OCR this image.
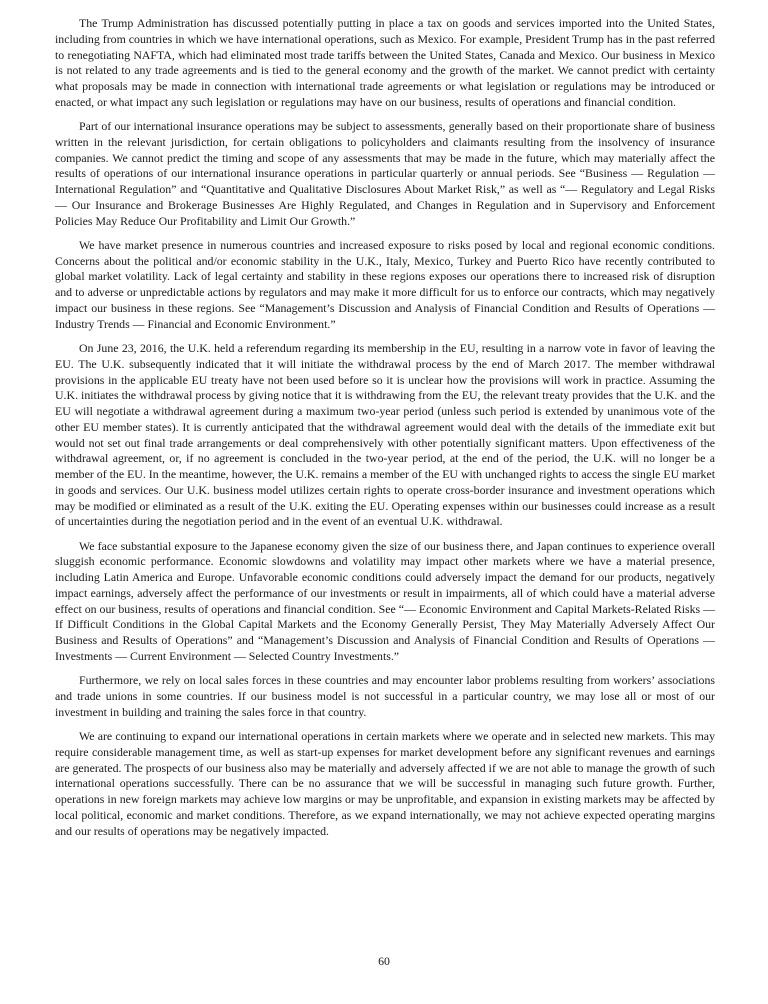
The Trump Administration has discussed potentially putting in place a tax on goods and services imported into the United States, including from countries in which we have international operations, such as Mexico. For example, President Trump has in the past referred to renegotiating NAFTA, which had eliminated most trade tariffs between the United States, Canada and Mexico. Our business in Mexico is not related to any trade agreements and is tied to the general economy and the growth of the market. We cannot predict with certainty what proposals may be made in connection with international trade agreements or what legislation or regulations may be introduced or enacted, or what impact any such legislation or regulations may have on our business, results of operations and financial condition.

Part of our international insurance operations may be subject to assessments, generally based on their proportionate share of business written in the relevant jurisdiction, for certain obligations to policyholders and claimants resulting from the insolvency of insurance companies. We cannot predict the timing and scope of any assessments that may be made in the future, which may materially affect the results of operations of our international insurance operations in particular quarterly or annual periods. See “Business — Regulation — International Regulation” and “Quantitative and Qualitative Disclosures About Market Risk,” as well as “— Regulatory and Legal Risks — Our Insurance and Brokerage Businesses Are Highly Regulated, and Changes in Regulation and in Supervisory and Enforcement Policies May Reduce Our Profitability and Limit Our Growth.”

We have market presence in numerous countries and increased exposure to risks posed by local and regional economic conditions. Concerns about the political and/or economic stability in the U.K., Italy, Mexico, Turkey and Puerto Rico have recently contributed to global market volatility. Lack of legal certainty and stability in these regions exposes our operations there to increased risk of disruption and to adverse or unpredictable actions by regulators and may make it more difficult for us to enforce our contracts, which may negatively impact our business in these regions. See “Management’s Discussion and Analysis of Financial Condition and Results of Operations — Industry Trends — Financial and Economic Environment.”

On June 23, 2016, the U.K. held a referendum regarding its membership in the EU, resulting in a narrow vote in favor of leaving the EU. The U.K. subsequently indicated that it will initiate the withdrawal process by the end of March 2017. The member withdrawal provisions in the applicable EU treaty have not been used before so it is unclear how the provisions will work in practice. Assuming the U.K. initiates the withdrawal process by giving notice that it is withdrawing from the EU, the relevant treaty provides that the U.K. and the EU will negotiate a withdrawal agreement during a maximum two-year period (unless such period is extended by unanimous vote of the other EU member states). It is currently anticipated that the withdrawal agreement would deal with the details of the immediate exit but would not set out final trade arrangements or deal comprehensively with other potentially significant matters. Upon effectiveness of the withdrawal agreement, or, if no agreement is concluded in the two-year period, at the end of the period, the U.K. will no longer be a member of the EU. In the meantime, however, the U.K. remains a member of the EU with unchanged rights to access the single EU market in goods and services. Our U.K. business model utilizes certain rights to operate cross-border insurance and investment operations which may be modified or eliminated as a result of the U.K. exiting the EU. Operating expenses within our businesses could increase as a result of uncertainties during the negotiation period and in the event of an eventual U.K. withdrawal.

We face substantial exposure to the Japanese economy given the size of our business there, and Japan continues to experience overall sluggish economic performance. Economic slowdowns and volatility may impact other markets where we have a material presence, including Latin America and Europe. Unfavorable economic conditions could adversely impact the demand for our products, negatively impact earnings, adversely affect the performance of our investments or result in impairments, all of which could have a material adverse effect on our business, results of operations and financial condition. See “— Economic Environment and Capital Markets-Related Risks — If Difficult Conditions in the Global Capital Markets and the Economy Generally Persist, They May Materially Adversely Affect Our Business and Results of Operations” and “Management’s Discussion and Analysis of Financial Condition and Results of Operations — Investments — Current Environment — Selected Country Investments.”

Furthermore, we rely on local sales forces in these countries and may encounter labor problems resulting from workers’ associations and trade unions in some countries. If our business model is not successful in a particular country, we may lose all or most of our investment in building and training the sales force in that country.

We are continuing to expand our international operations in certain markets where we operate and in selected new markets. This may require considerable management time, as well as start-up expenses for market development before any significant revenues and earnings are generated. The prospects of our business also may be materially and adversely affected if we are not able to manage the growth of such international operations successfully. There can be no assurance that we will be successful in managing such future growth. Further, operations in new foreign markets may achieve low margins or may be unprofitable, and expansion in existing markets may be affected by local political, economic and market conditions. Therefore, as we expand internationally, we may not achieve expected operating margins and our results of operations may be negatively impacted.

60
